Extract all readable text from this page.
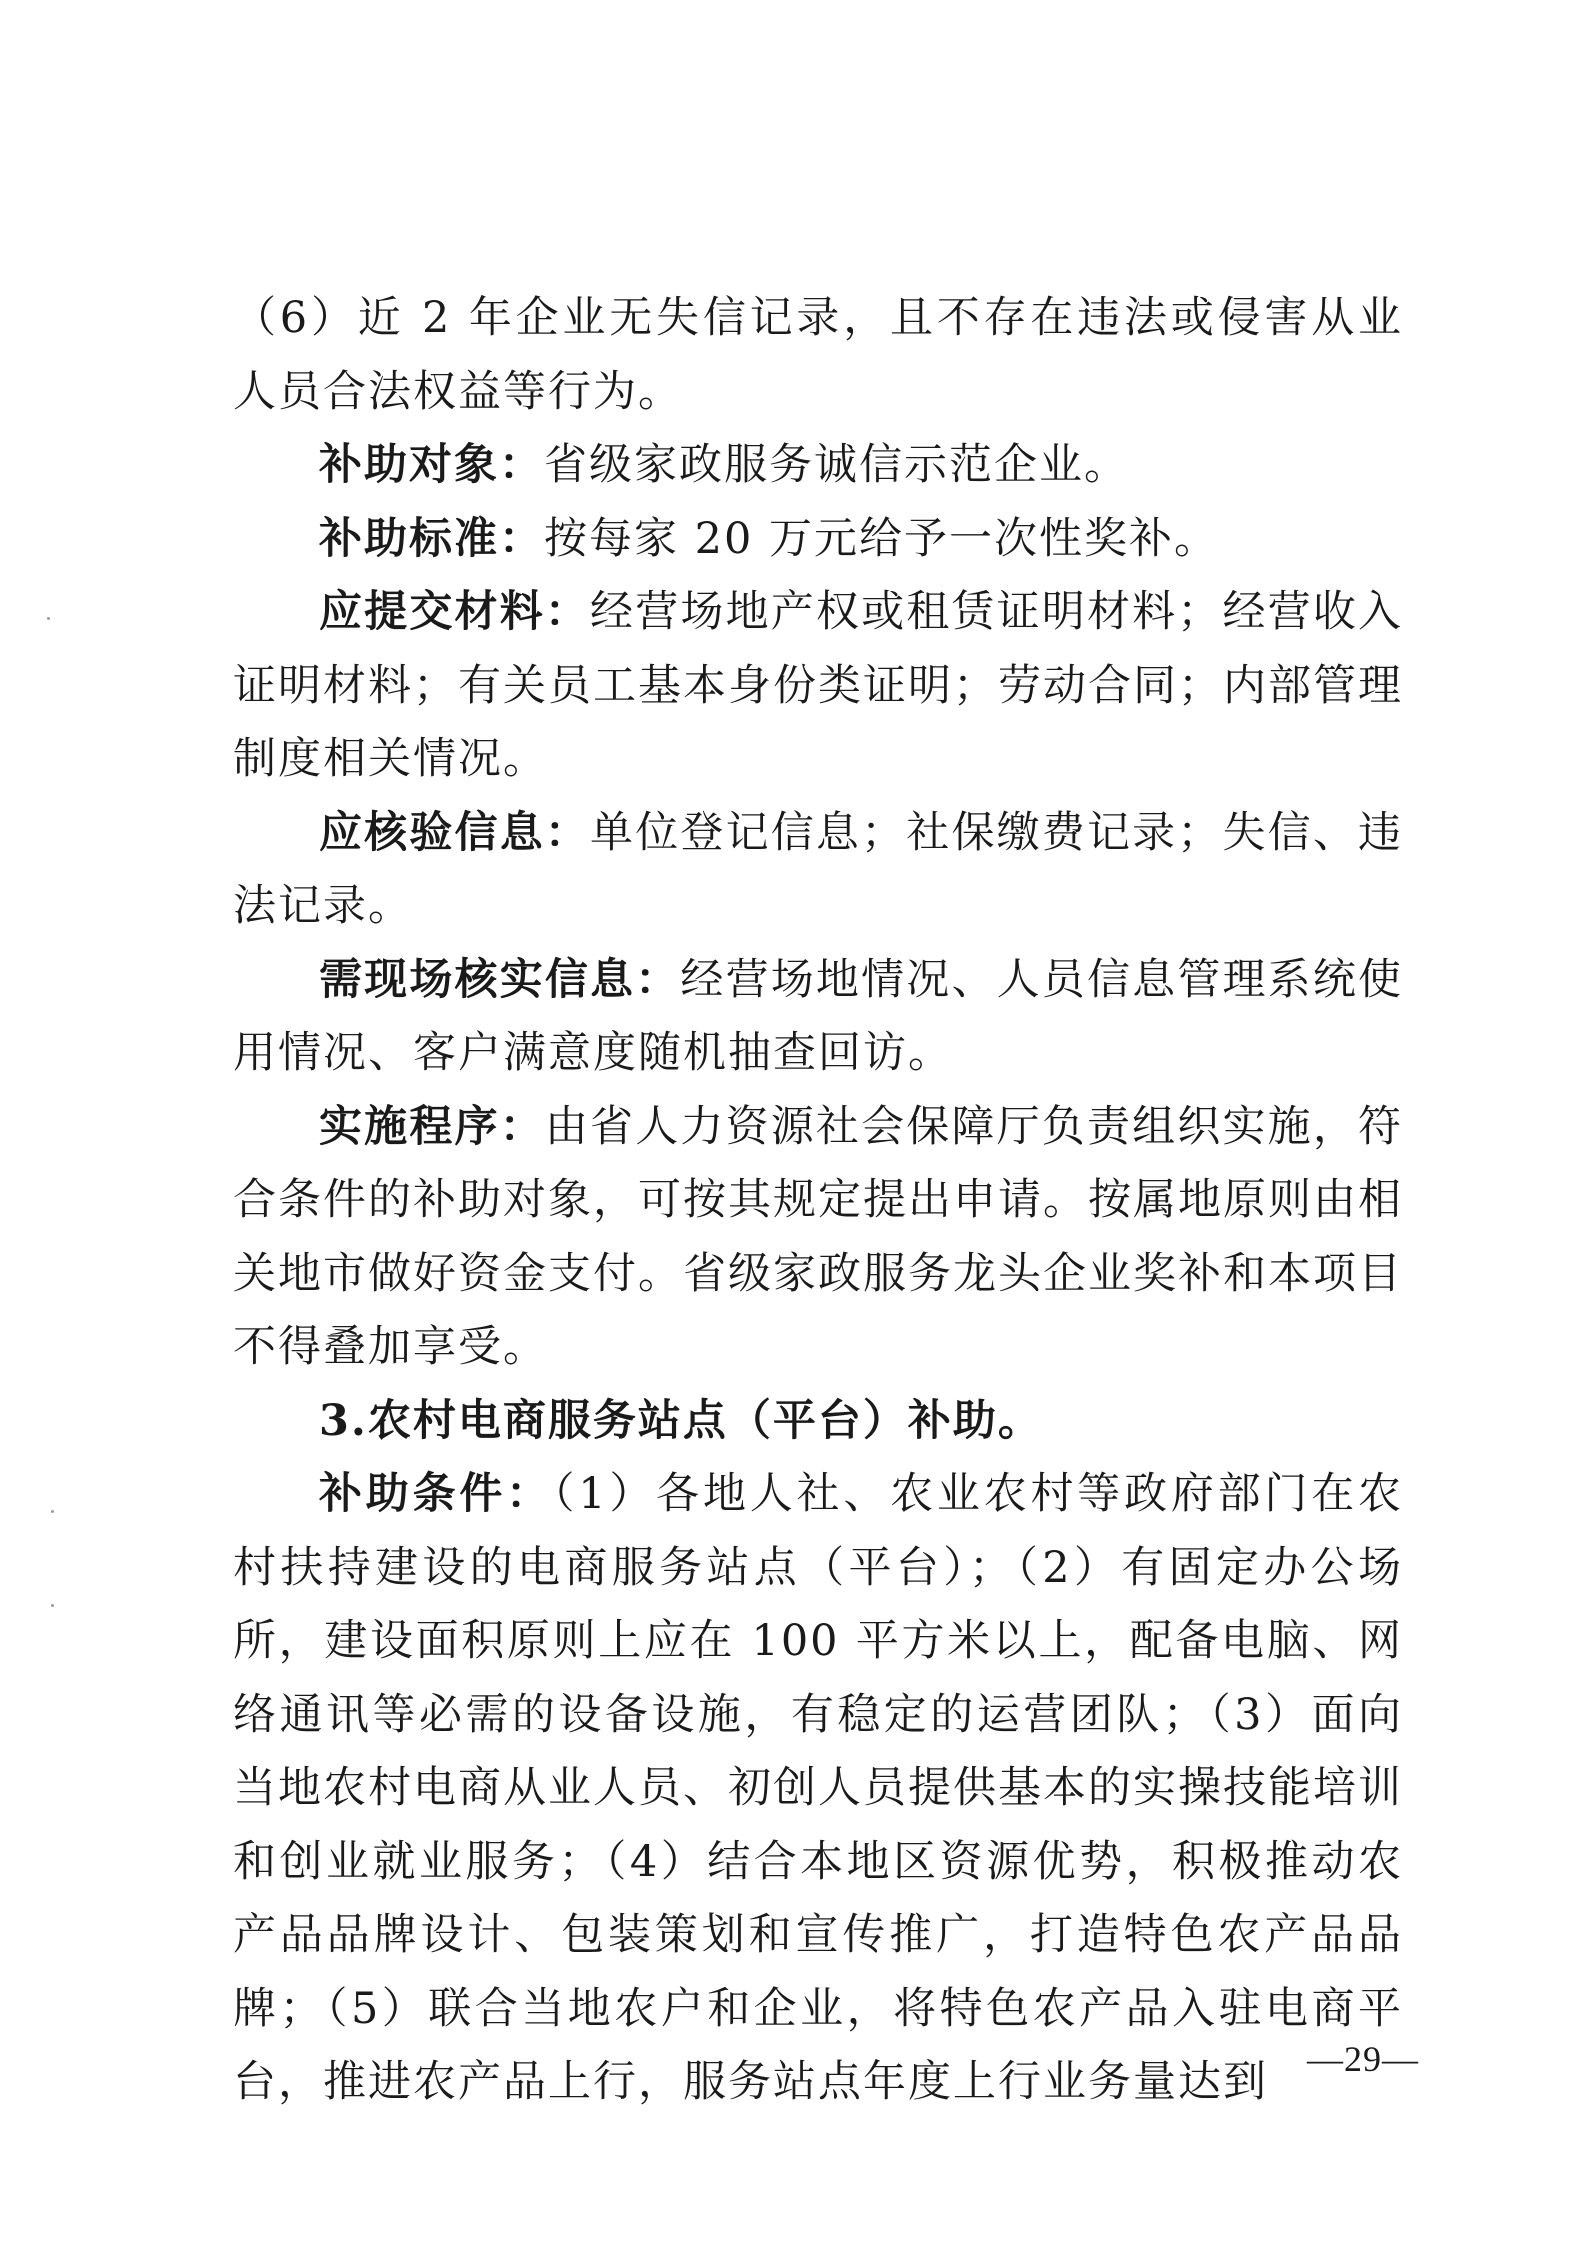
（6）近 2 年企业无失信记录，且不存在违法或侵害从业人员合法权益等行为。

补助对象：省级家政服务诚信示范企业。

补助标准：按每家 20 万元给予一次性奖补。

应提交材料：经营场地产权或租赁证明材料；经营收入证明材料；有关员工基本身份类证明；劳动合同；内部管理制度相关情况。

应核验信息：单位登记信息；社保缴费记录；失信、违法记录。

需现场核实信息：经营场地情况、人员信息管理系统使用情况、客户满意度随机抽查回访。

实施程序：由省人力资源社会保障厅负责组织实施，符合条件的补助对象，可按其规定提出申请。按属地原则由相关地市做好资金支付。省级家政服务龙头企业奖补和本项目不得叠加享受。

3.农村电商服务站点（平台）补助。

补助条件：（1）各地人社、农业农村等政府部门在农村扶持建设的电商服务站点（平台）；（2）有固定办公场所，建设面积原则上应在 100 平方米以上，配备电脑、网络通讯等必需的设备设施，有稳定的运营团队；（3）面向当地农村电商从业人员、初创人员提供基本的实操技能培训和创业就业服务；（4）结合本地区资源优势，积极推动农产品品牌设计、包装策划和宣传推广，打造特色农产品品牌；（5）联合当地农户和企业，将特色农产品入驻电商平台，推进农产品上行，服务站点年度上行业务量达到	—29—
